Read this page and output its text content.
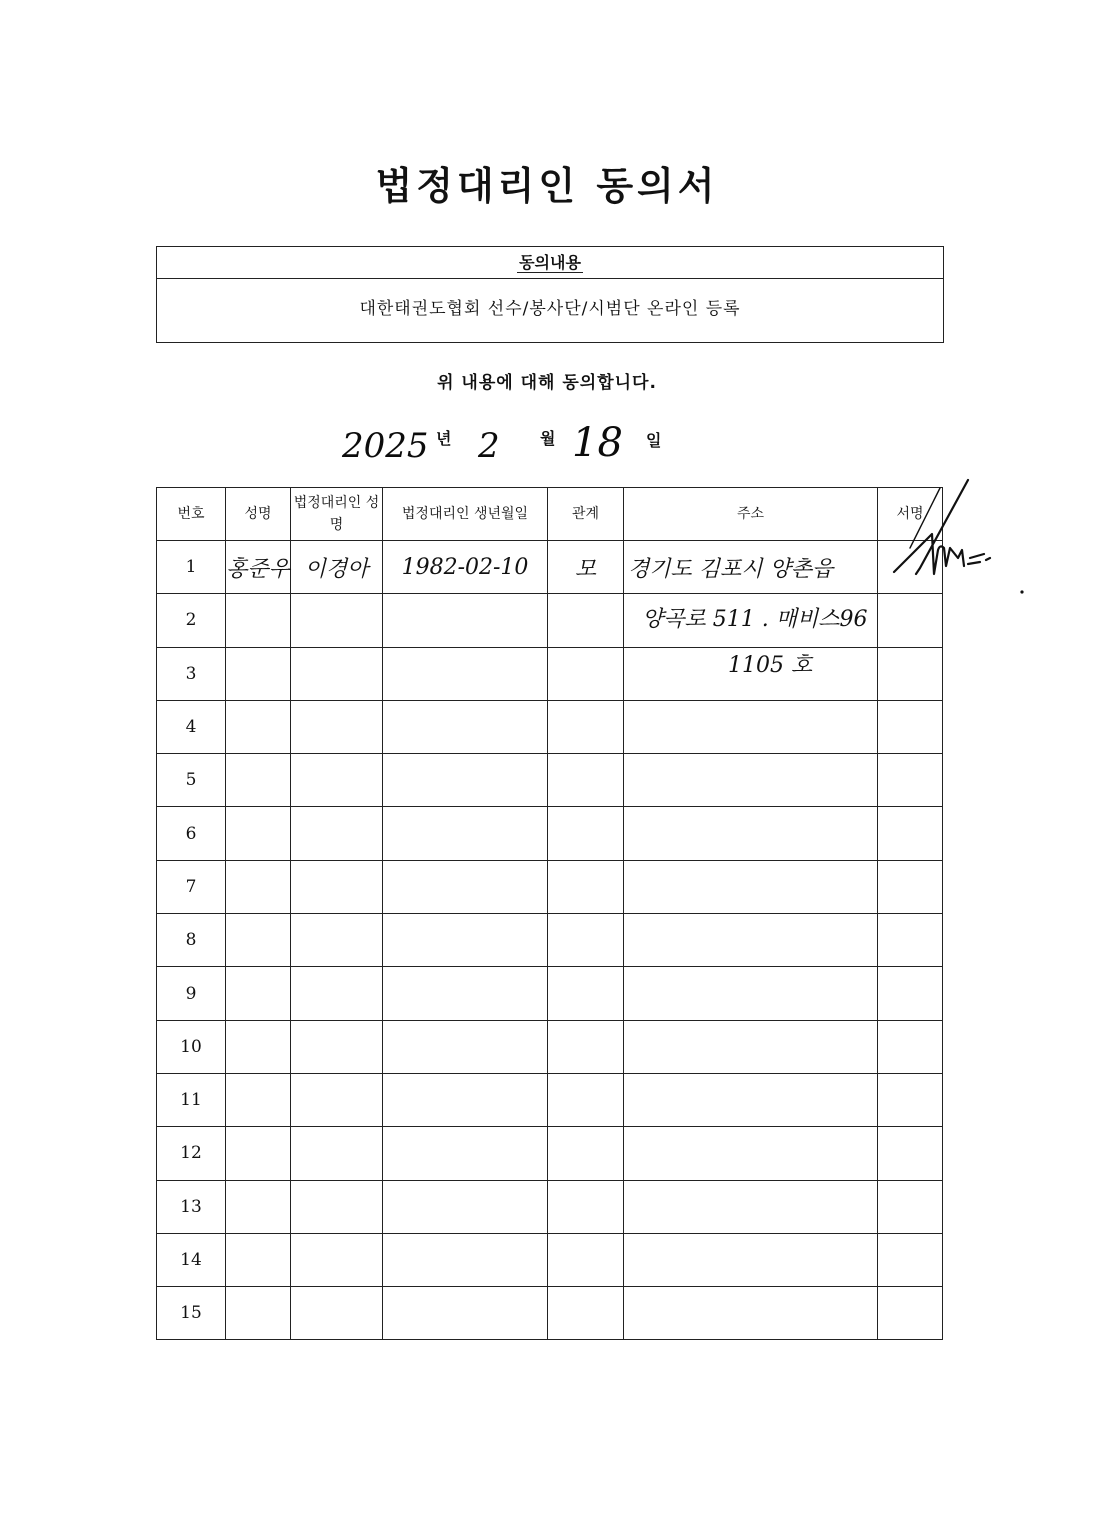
법정대리인 동의서
동의내용
대한태권도협회 선수/봉사단/시범단 온라인 등록
위 내용에 대해 동의합니다.
2025 년 2	월 18 일
번호	성명	법정대리인 성명	법정대리인 생년월일	관계	주소	서명
1	홍준우	이경아	1982-02-10	모	경기도 김포시 양촌읍	
2					양곡로 511 . 매비스96	
3					1105 호	
4						
5						
6						
7						
8						
9						
10						
11						
12						
13						
14						
15						
